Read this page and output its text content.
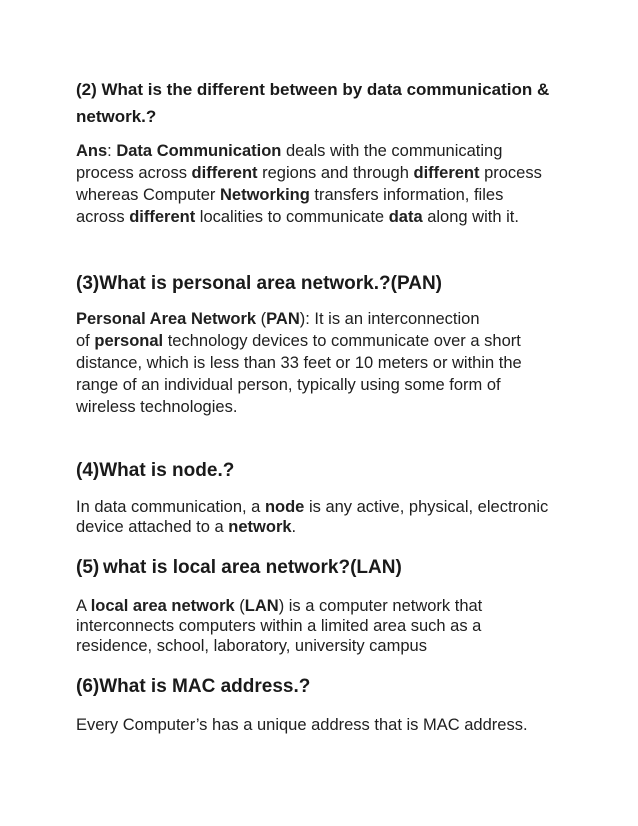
(2) What is the different between by data communication & network.?
Ans: Data Communication deals with the communicating
process across different regions and through different process
whereas Computer Networking transfers information, files
across different localities to communicate data along with it.
(3)What is personal area network.?(PAN)
Personal Area Network (PAN): It is an interconnection
of personal technology devices to communicate over a short
distance, which is less than 33 feet or 10 meters or within the
range of an individual person, typically using some form of
wireless technologies.
(4)What is node.?
In data communication, a node is any active, physical, electronic
device attached to a network.
(5) what is local area network?(LAN)
A local area network (LAN) is a computer network that
interconnects computers within a limited area such as a
residence, school, laboratory, university campus
(6)What is MAC address.?
Every Computer’s has a unique address that is MAC address.
